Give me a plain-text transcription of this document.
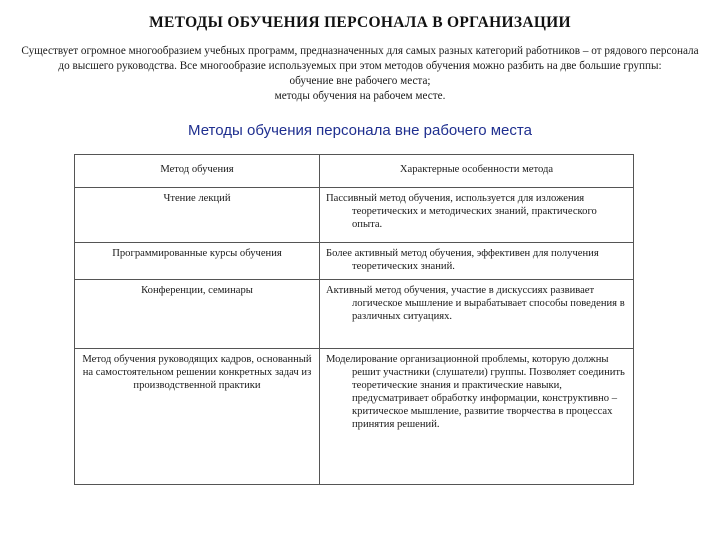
МЕТОДЫ ОБУЧЕНИЯ ПЕРСОНАЛА В ОРГАНИЗАЦИИ

Существует огромное многообразием учебных программ, предназначенных для самых разных категорий работников – от рядового персонала до высшего руководства. Все многообразие используемых при этом методов обучения можно разбить на две большие группы:

обучение вне рабочего места;

методы обучения на рабочем месте.

Методы обучения персонала вне рабочего места
Метод обучения	Характерные особенности метода
Чтение лекций	Пассивный метод обучения, используется для изложения теоретических и методических знаний, практического опыта.

Программированные курсы обучения	Более активный метод обучения, эффективен для получения теоретических знаний.

Конференции, семинары	Активный метод обучения, участие в дискуссиях развивает логическое мышление и вырабатывает способы поведения в различных ситуациях.

Метод обучения руководящих кадров, основанный на самостоятельном решении конкретных задач из производственной практики	Моделирование организационной проблемы, которую должны решит участники (слушатели) группы. Позволяет соединить теоретические знания и практические навыки, предусматривает обработку информации, конструктивно – критическое мышление, развитие творчества в процессах принятия решений.
